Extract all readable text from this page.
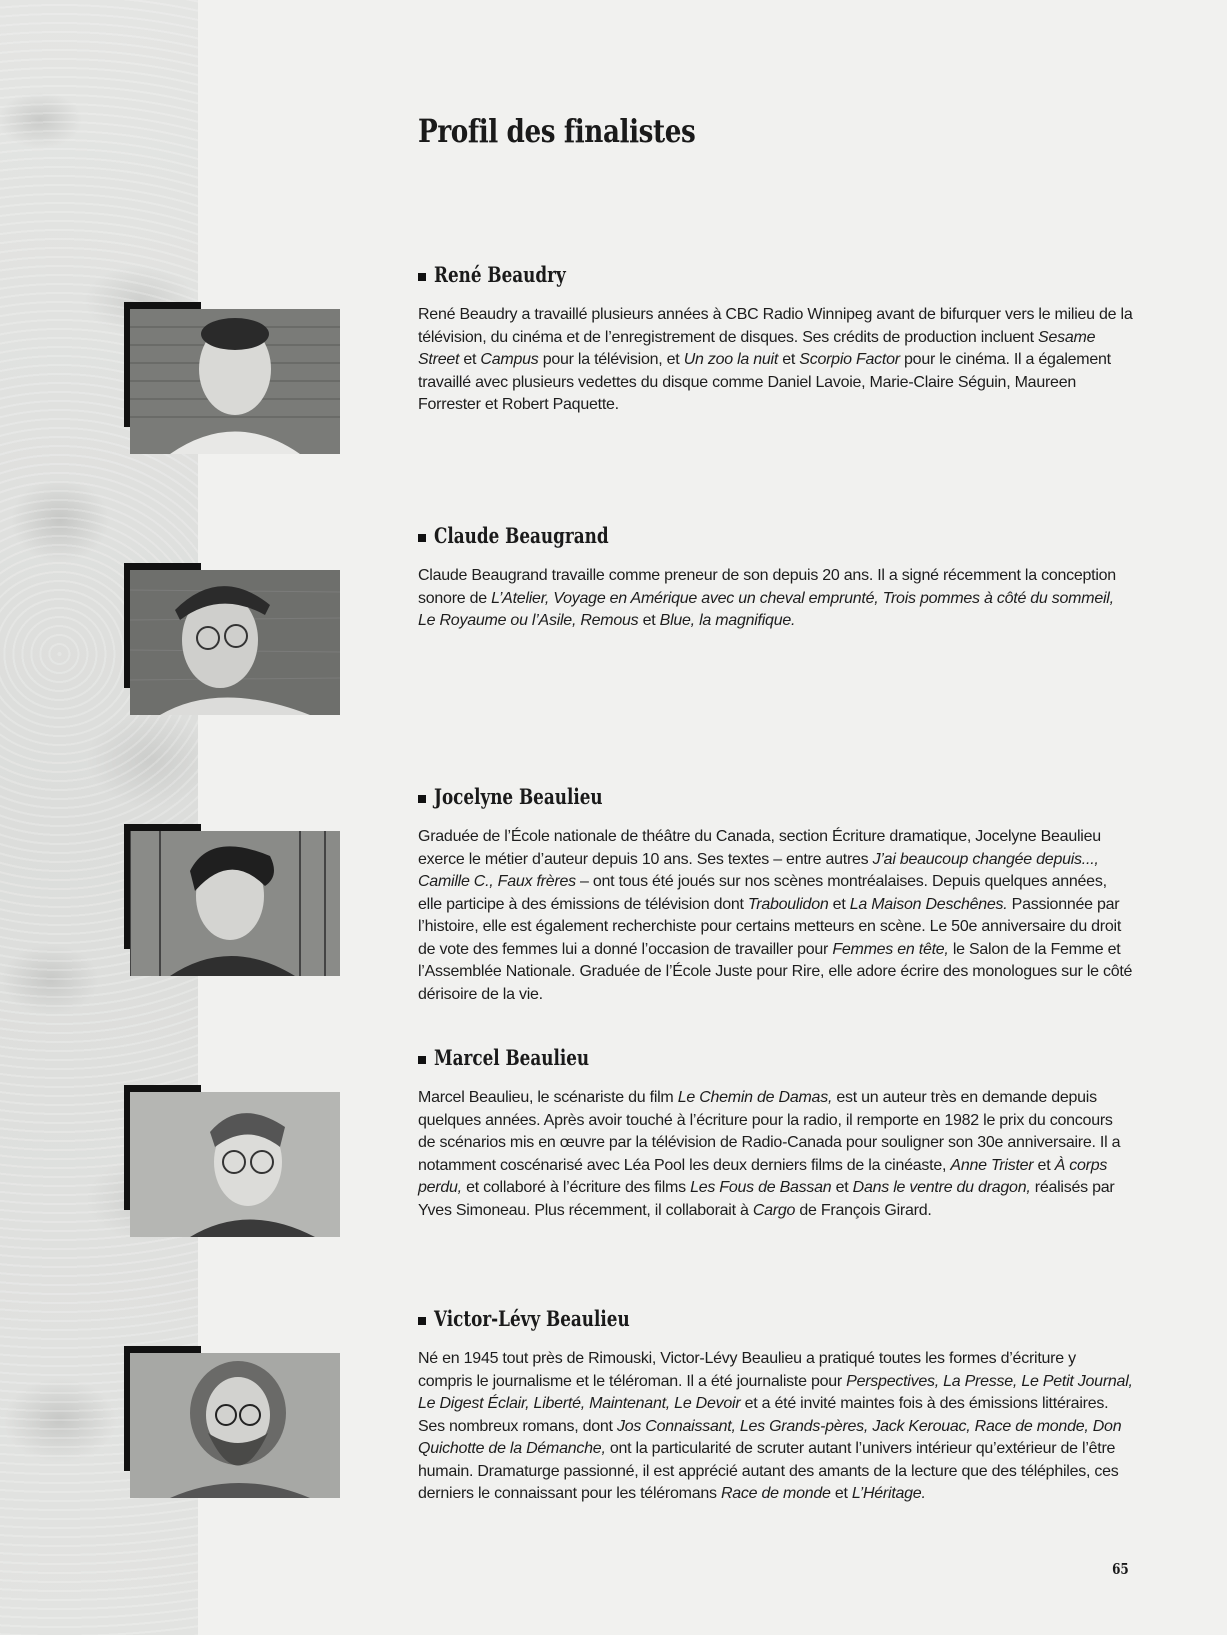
Profil des finalistes
René Beaudry

René Beaudry a travaillé plusieurs années à CBC Radio Winnipeg avant de bifurquer vers le milieu de la télévision, du cinéma et de l’enregistrement de disques. Ses crédits de production incluent Sesame Street et Campus pour la télévision, et Un zoo la nuit et Scorpio Factor pour le cinéma. Il a également travaillé avec plusieurs vedettes du disque comme Daniel Lavoie, Marie-Claire Séguin, Maureen Forrester et Robert Paquette.

Claude Beaugrand

Claude Beaugrand travaille comme preneur de son depuis 20 ans. Il a signé récemment la conception sonore de L’Atelier, Voyage en Amérique avec un cheval emprunté, Trois pommes à côté du sommeil, Le Royaume ou l’Asile, Remous et Blue, la magnifique.

Jocelyne Beaulieu

Graduée de l’École nationale de théâtre du Canada, section Écriture dramatique, Jocelyne Beaulieu exerce le métier d’auteur depuis 10 ans. Ses textes – entre autres J’ai beaucoup changée depuis..., Camille C., Faux frères – ont tous été joués sur nos scènes montréalaises. Depuis quelques années, elle participe à des émissions de télévision dont Traboulidon et La Maison Deschênes. Passionnée par l’histoire, elle est également recherchiste pour certains metteurs en scène. Le 50e anniversaire du droit de vote des femmes lui a donné l’occasion de travailler pour Femmes en tête, le Salon de la Femme et l’Assemblée Nationale. Graduée de l’École Juste pour Rire, elle adore écrire des monologues sur le côté dérisoire de la vie.

Marcel Beaulieu

Marcel Beaulieu, le scénariste du film Le Chemin de Damas, est un auteur très en demande depuis quelques années. Après avoir touché à l’écriture pour la radio, il remporte en 1982 le prix du concours de scénarios mis en œuvre par la télévision de Radio-Canada pour souligner son 30e anniversaire. Il a notamment coscénarisé avec Léa Pool les deux derniers films de la cinéaste, Anne Trister et À corps perdu, et collaboré à l’écriture des films Les Fous de Bassan et Dans le ventre du dragon, réalisés par Yves Simoneau. Plus récemment, il collaborait à Cargo de François Girard.

Victor-Lévy Beaulieu

Né en 1945 tout près de Rimouski, Victor-Lévy Beaulieu a pratiqué toutes les formes d’écriture y compris le journalisme et le téléroman. Il a été journaliste pour Perspectives, La Presse, Le Petit Journal, Le Digest Éclair, Liberté, Maintenant, Le Devoir et a été invité maintes fois à des émissions littéraires. Ses nombreux romans, dont Jos Connaissant, Les Grands-pères, Jack Kerouac, Race de monde, Don Quichotte de la Démanche, ont la particularité de scruter autant l’univers intérieur qu’extérieur de l’être humain. Dramaturge passionné, il est apprécié autant des amants de la lecture que des téléphiles, ces derniers le connaissant pour les téléromans Race de monde et L’Héritage.

65
